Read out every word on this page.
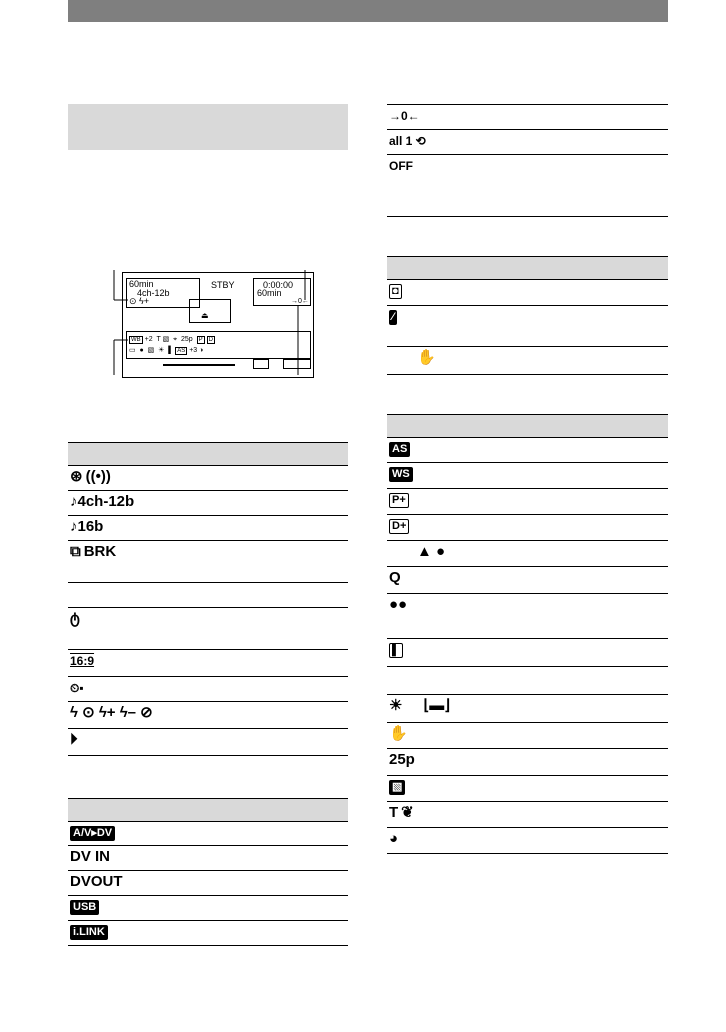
60min
4ch-12b
⊙ ϟ+
STBY	0:00:00
60min
→0←
⏏
WB +2  T ▧  ⌖  25p P D
▭  ●  ▧  ☀  ▌ AS +3 ◑
⊛ ((•))
♪4ch-12b
♪16b
⧉ BRK
ტ
16:9
⏲▪
ϟ ⊙ ϟ+ ϟ– ⊘
⏵
A/V▸DV
DV IN
DVOUT
USB
i.LINK
→0←
all 1 ⟲
OFF
◘
⁄
✋
AS
WS
P+
D+
▲ ●
Q
●●
▌
☀ ⌊▬⌋
✋
25p
▧
T ❦
◕
